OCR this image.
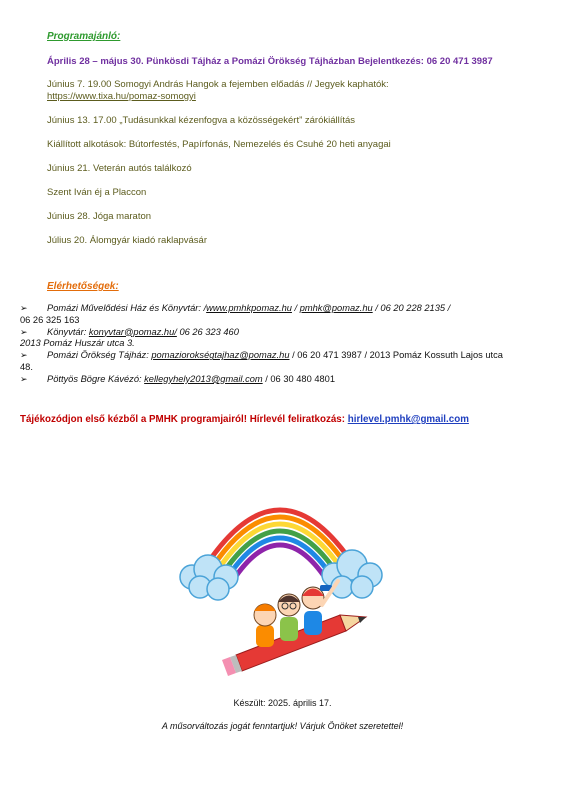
Programajánló:
Április 28 – május 30. Pünkösdi Tájház a Pomázi Örökség Tájházban Bejelentkezés: 06 20 471 3987
Június 7. 19.00 Somogyi András Hangok a fejemben előadás // Jegyek kaphatók:
https://www.tixa.hu/pomaz-somogyi
Június 13. 17.00 „Tudásunkkal kézenfogva a közösségekért” zárókiállítás
Kiállított alkotások: Bútorfestés, Papírfonás, Nemezelés és Csuhé 20 heti anyagai
Június 21. Veterán autós találkozó
Szent Iván éj a Placcon
Június 28. Jóga maraton
Július 20. Álomgyár kiadó raklapvásár
Elérhetőségek:
➢ Pomázi Művelődési Ház és Könyvtár: /www.pmhkpomaz.hu / pmhk@pomaz.hu / 06 20 228 2135 /
06 26 325 163
➢ Könyvtár: konyvtar@pomaz.hu/ 06 26 323 460
2013 Pomáz Huszár utca 3.
➢ Pomázi Örökség Tájház: pomaziorokségtajhaz@pomaz.hu / 06 20 471 3987 / 2013 Pomáz Kossuth Lajos utca
48.
➢ Pöttyös Bögre Kávézó: kellegyhely2013@gmail.com / 06 30 480 4801
Tájékozódjon első kézből a PMHK programjairól! Hírlevél feliratkozás: hirlevel.pmhk@gmail.com
Készült: 2025. április 17.
A műsorváltozás jogát fenntartjuk! Várjuk Önöket szeretettel!
